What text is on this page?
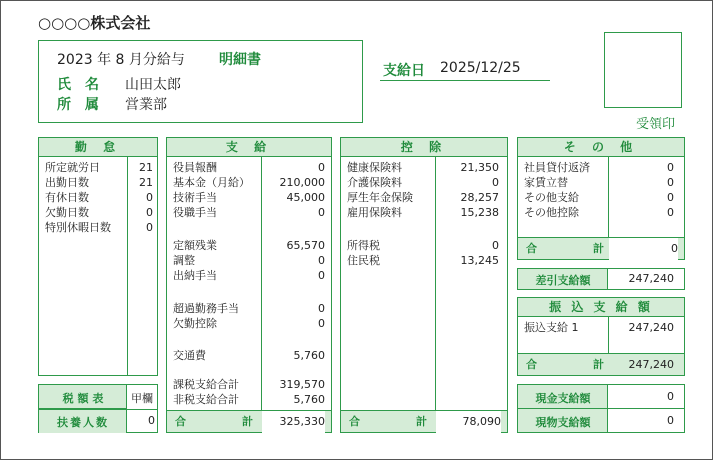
○○○○株式会社
2023 年 8 月分給与 明細書
氏　名 山田太郎
所　属 営業部
支給日 2025/12/25
受領印
勤 怠
所定就労日	21
出勤日数	21
有休日数	0
欠勤日数	0
特別休暇日数	0
税 額 表	甲欄
扶養人数	0
支 給
役員報酬	0
基本金（月給）	210,000
技術手当	45,000
役職手当	0
定額残業	65,570
調整	0
出納手当	0
超過勤務手当	0
欠勤控除	0
交通費	5,760
課税支給合計	319,570
非税支給合計	5,760
合 計	325,330
控 除
健康保険料	21,350
介護保険料	0
厚生年金保険	28,257
雇用保険料	15,238
所得税	0
住民税	13,245
合 計	78,090
そ の 他
社員貸付返済	0
家賃立替	0
その他支給	0
その他控除	0
合 計	0
差引支給額	247,240
振 込 支 給 額
振込支給 1	247,240
合 計 247,240
現金支給額	0
現物支給額	0
